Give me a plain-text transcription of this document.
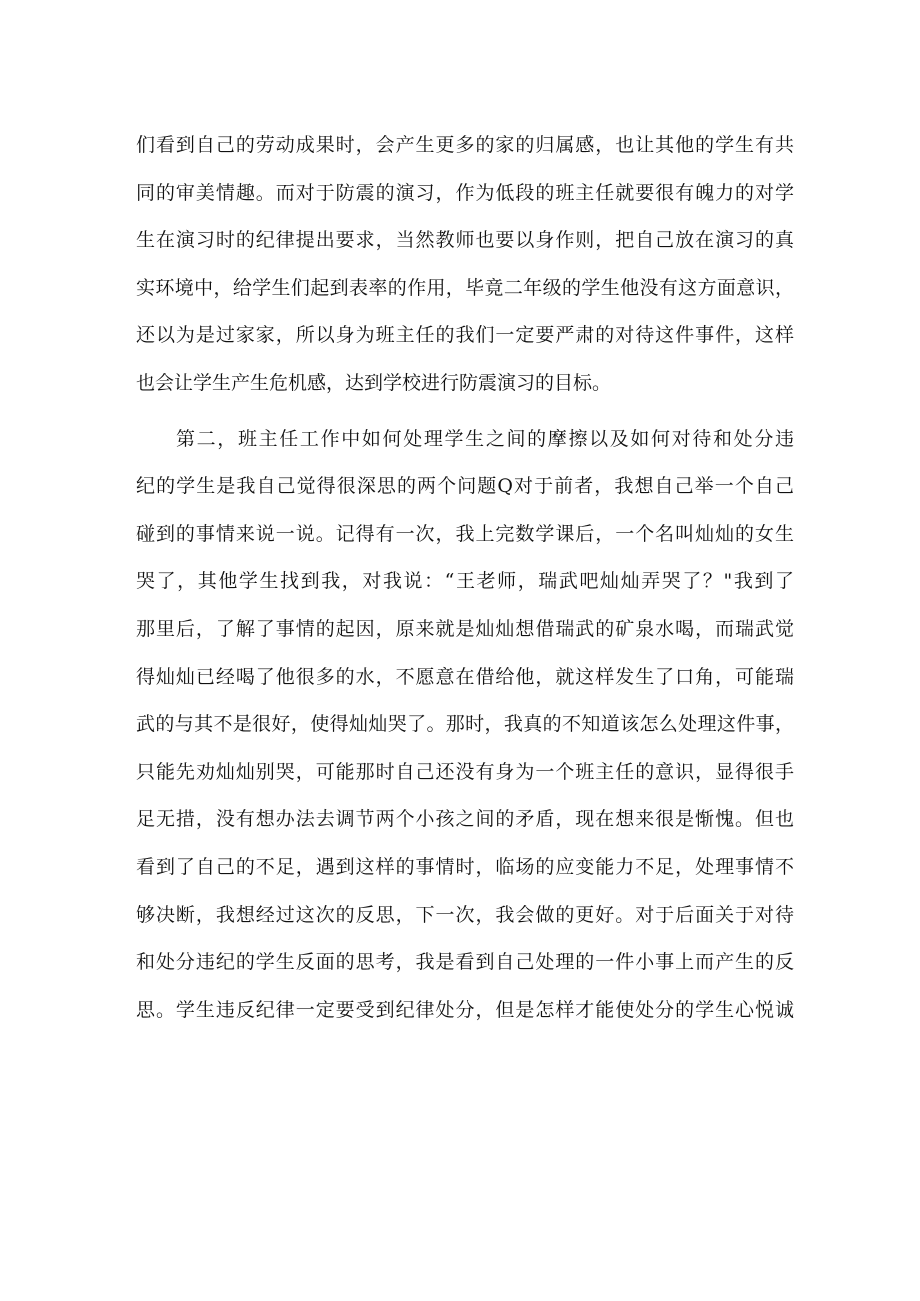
们看到自己的劳动成果时，会产生更多的家的归属感，也让其他的学生有共
同的审美情趣。而对于防震的演习，作为低段的班主任就要很有魄力的对学
生在演习时的纪律提出要求，当然教师也要以身作则，把自己放在演习的真
实环境中，给学生们起到表率的作用，毕竟二年级的学生他没有这方面意识，
还以为是过家家，所以身为班主任的我们一定要严肃的对待这件事件，这样
也会让学生产生危机感，达到学校进行防震演习的目标。
第二，班主任工作中如何处理学生之间的摩擦以及如何对待和处分违
纪的学生是我自己觉得很深思的两个问题Q对于前者，我想自己举一个自己
碰到的事情来说一说。记得有一次，我上完数学课后，一个名叫灿灿的女生
哭了，其他学生找到我，对我说：“王老师，瑞武吧灿灿弄哭了？"我到了
那里后，了解了事情的起因，原来就是灿灿想借瑞武的矿泉水喝，而瑞武觉
得灿灿已经喝了他很多的水，不愿意在借给他，就这样发生了口角，可能瑞
武的与其不是很好，使得灿灿哭了。那时，我真的不知道该怎么处理这件事，
只能先劝灿灿别哭，可能那时自己还没有身为一个班主任的意识，显得很手
足无措，没有想办法去调节两个小孩之间的矛盾，现在想来很是惭愧。但也
看到了自己的不足，遇到这样的事情时，临场的应变能力不足，处理事情不
够决断，我想经过这次的反思，下一次，我会做的更好。对于后面关于对待
和处分违纪的学生反面的思考，我是看到自己处理的一件小事上而产生的反
思。学生违反纪律一定要受到纪律处分，但是怎样才能使处分的学生心悦诚
